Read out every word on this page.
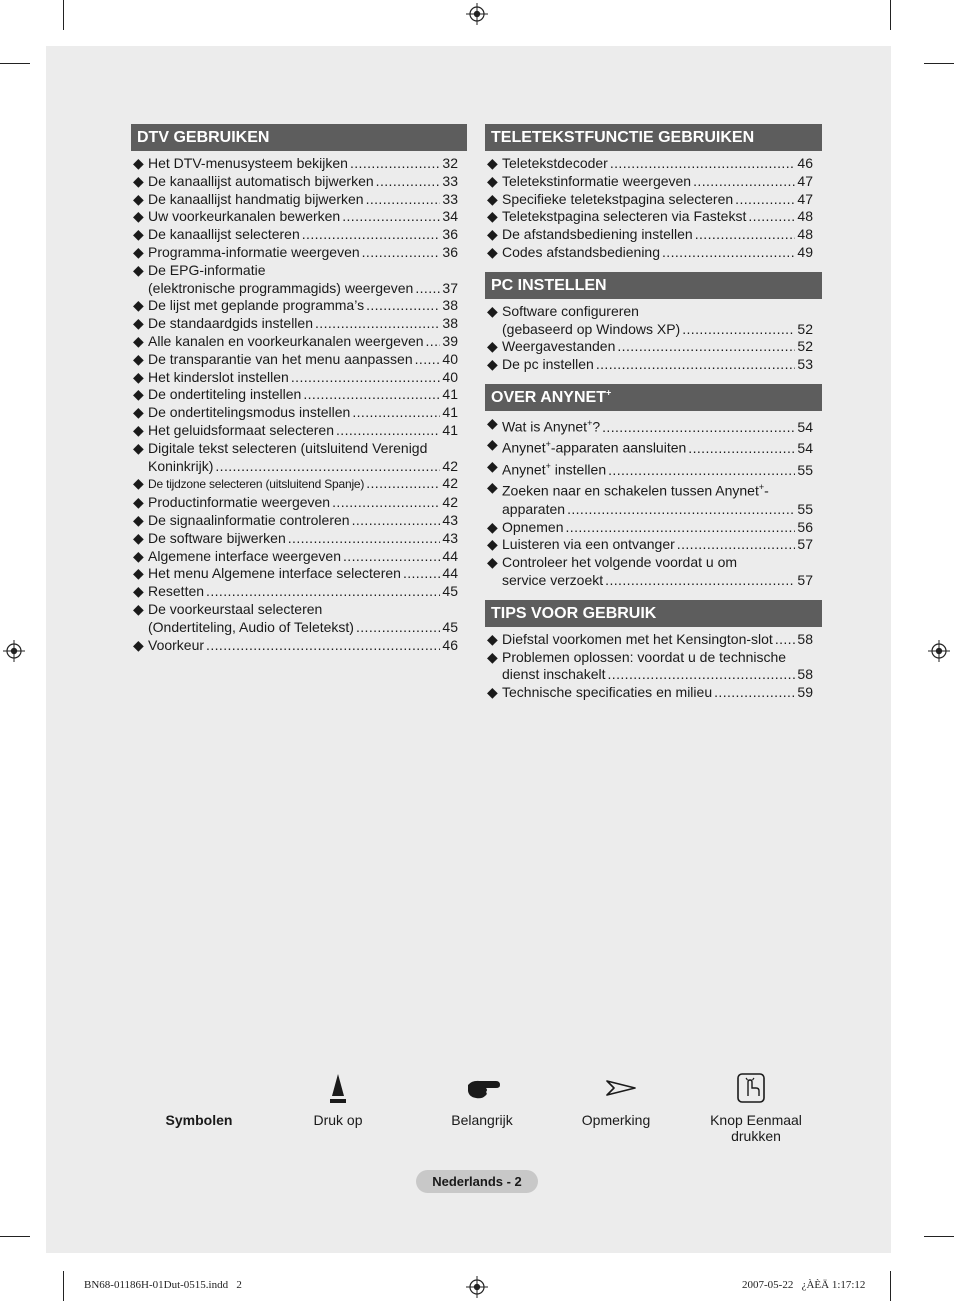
DTV GEBRUIKEN
◆ Het DTV-menusysteem bekijken .....	32
◆ De kanaallijst automatisch bijwerken .....	33
◆ De kanaallijst handmatig bijwerken .....	33
◆ Uw voorkeurkanalen bewerken .....	34
◆ De kanaallijst selecteren .....	36
◆ Programma-informatie weergeven .....	36
◆ De EPG-informatie
(elektronische programmagids) weergeven ..... 37
◆ De lijst met geplande programma’s .....	38
◆ De standaardgids instellen .....	38
◆ Alle kanalen en voorkeurkanalen weergeven ..... 39
◆ De transparantie van het menu aanpassen ..... 40
◆ Het kinderslot instellen .....	40
◆ De ondertiteling instellen .....	41
◆ De ondertitelingsmodus instellen .....	41
◆ Het geluidsformaat selecteren .....	41
◆ Digitale tekst selecteren (uitsluitend Verenigd
Koninkrijk) .....	42
◆ De tijdzone selecteren (uitsluitend Spanje) .....	42
◆ Productinformatie weergeven .....	42
◆ De signaalinformatie controleren .....	43
◆ De software bijwerken .....	43
◆ Algemene interface weergeven .....	44
◆ Het menu Algemene interface selecteren .....	44
◆ Resetten .....	45
◆ De voorkeurstaal selecteren
(Ondertiteling, Audio of Teletekst) .....	45
◆ Voorkeur .....	46
TELETEKSTFUNCTIE GEBRUIKEN
◆ Teletekstdecoder .....	46
◆ Teletekstinformatie weergeven .....	47
◆ Specifieke teletekstpagina selecteren .....	47
◆ Teletekstpagina selecteren via Fastekst .....	48
◆ De afstandsbediening instellen .....	48
◆ Codes afstandsbediening .....	49
PC INSTELLEN
◆ Software configureren
(gebaseerd op Windows XP) .....	52
◆ Weergavestanden .....	52
◆ De pc instellen .....	53
OVER ANYNET+
◆ Wat is Anynet+? .....	54
◆ Anynet+-apparaten aansluiten .....	54
◆ Anynet+ instellen .....	55
◆ Zoeken naar en schakelen tussen Anynet+-
apparaten .....	55
◆ Opnemen .....	56
◆ Luisteren via een ontvanger .....	57
◆ Controleer het volgende voordat u om
service verzoekt .....	57
TIPS VOOR GEBRUIK
◆ Diefstal voorkomen met het Kensington-slot ..... 58
◆ Problemen oplossen: voordat u de technische
dienst inschakelt .....	58
◆ Technische specificaties en milieu .....	59
Symbolen	Druk op	Belangrijk	Opmerking	Knop Eenmaal
drukken
Nederlands - 2
BN68-01186H-01Dut-0515.indd   2	2007-05-22   ¿ÀÈÄ 1:17:12
